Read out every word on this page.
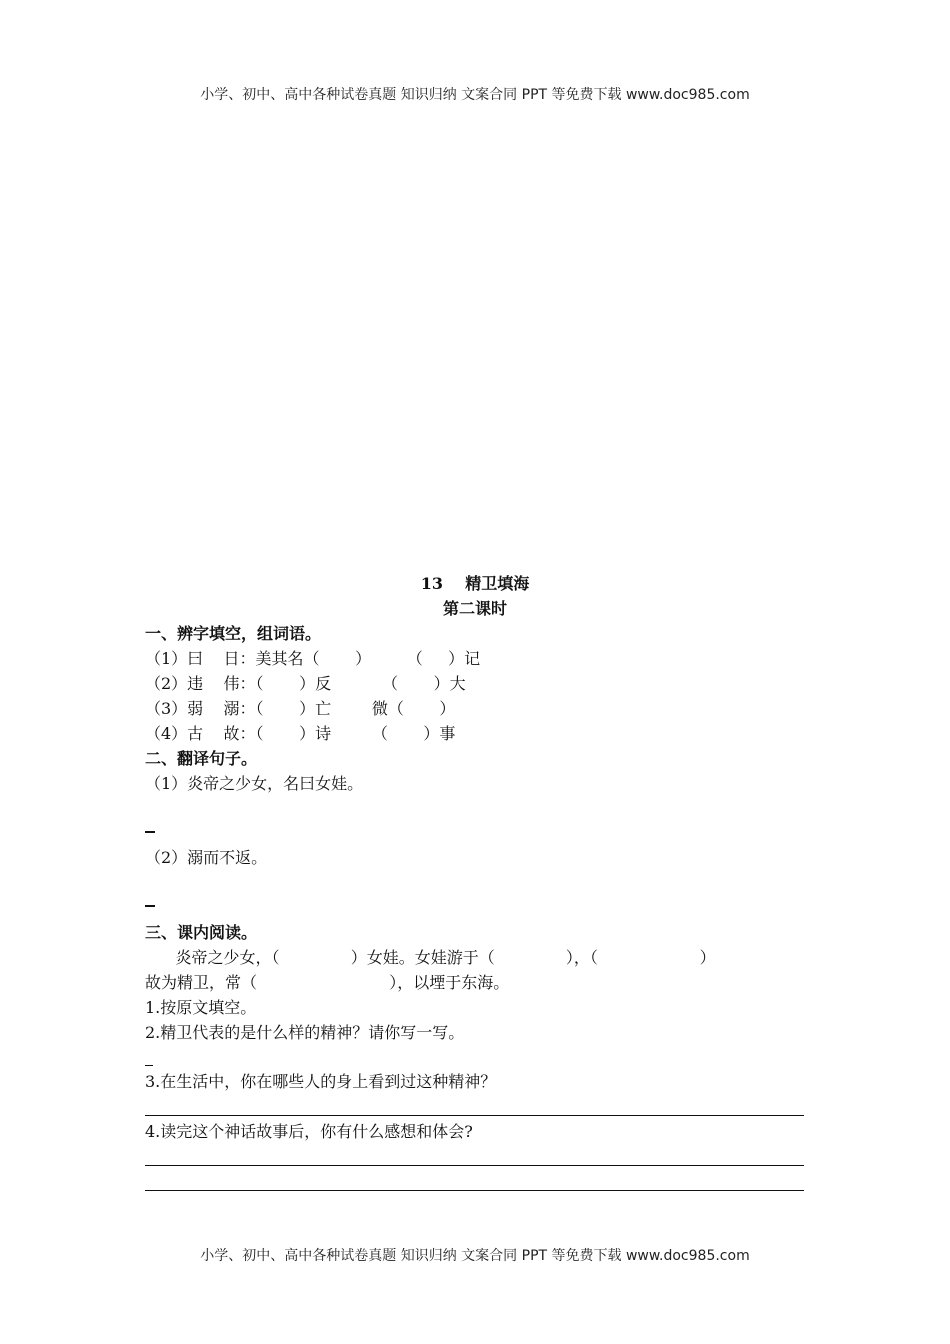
小学、初中、高中各种试卷真题 知识归纳 文案合同 PPT 等免费下载 www.doc985.com
13    精卫填海
第二课时
一、辨字填空，组词语。
（1）曰    日：美其名（       ）       （     ）记
（2）违    伟：（       ）反          （       ）大
（3）弱    溺：（       ）亡        微（       ）
（4）古    故：（       ）诗        （       ）事
二、翻译句子。
（1）炎帝之少女，名曰女娃。
（2）溺而不返。
三、课内阅读。
炎帝之少女，（              ）女娃。女娃游于（              ），（                    ）
故为精卫，常（                          ），以堙于东海。
1.按原文填空。
2.精卫代表的是什么样的精神？请你写一写。
3.在生活中，你在哪些人的身上看到过这种精神？
4.读完这个神话故事后，你有什么感想和体会?
小学、初中、高中各种试卷真题 知识归纳 文案合同 PPT 等免费下载 www.doc985.com
